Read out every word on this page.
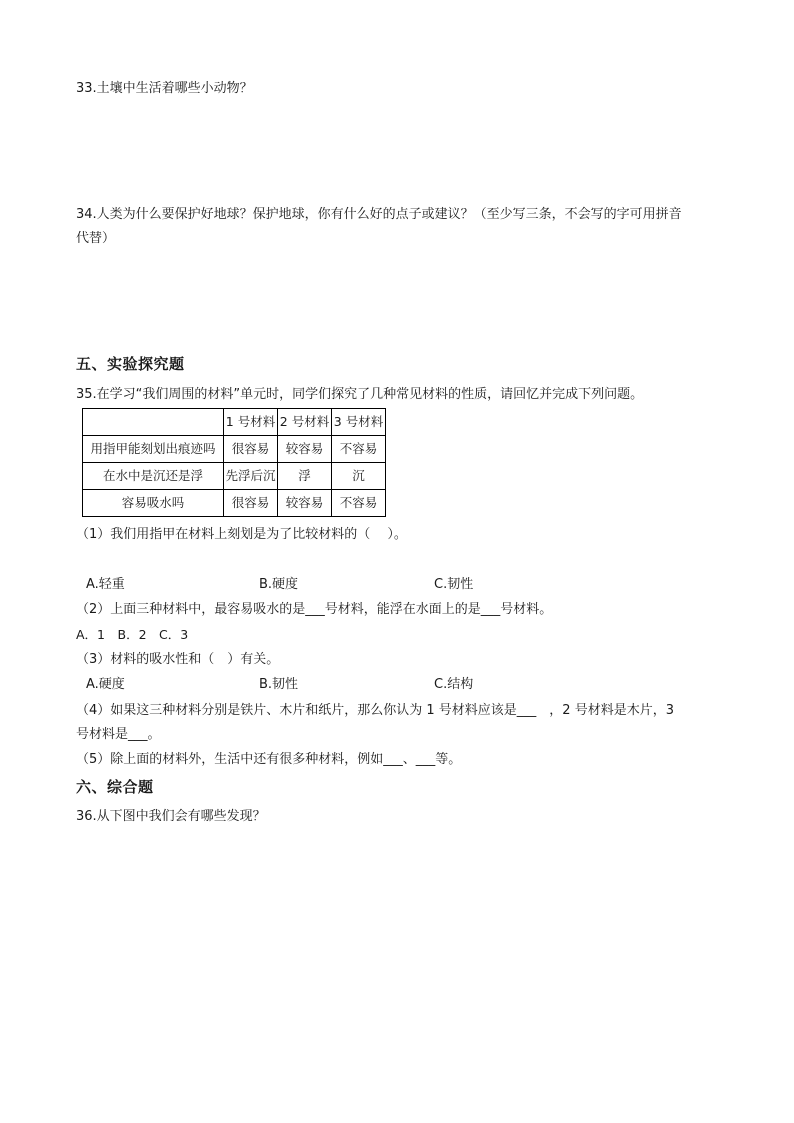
33.土壤中生活着哪些小动物？
34.人类为什么要保护好地球？保护地球，你有什么好的点子或建议？（至少写三条，不会写的字可用拼音
代替）
五、实验探究题
35.在学习“我们周围的材料”单元时，同学们探究了几种常见材料的性质，请回忆并完成下列问题。
	1 号材料	2 号材料	3 号材料
用指甲能刻划出痕迹吗	很容易	较容易	不容易
在水中是沉还是浮	先浮后沉	浮	沉
容易吸水吗	很容易	较容易	不容易
（1）我们用指甲在材料上刻划是为了比较材料的（　 ）。
A.轻重	B.硬度	C.韧性
（2）上面三种材料中，最容易吸水的是___号材料，能浮在水面上的是___号材料。
A．1　B．2　C．3
（3）材料的吸水性和（　）有关。
A.硬度	B.韧性	C.结构
（4）如果这三种材料分别是铁片、木片和纸片，那么你认为 1 号材料应该是___　，2 号材料是木片，3
号材料是___。
（5）除上面的材料外，生活中还有很多种材料，例如___、___等。
六、综合题
36.从下图中我们会有哪些发现？
